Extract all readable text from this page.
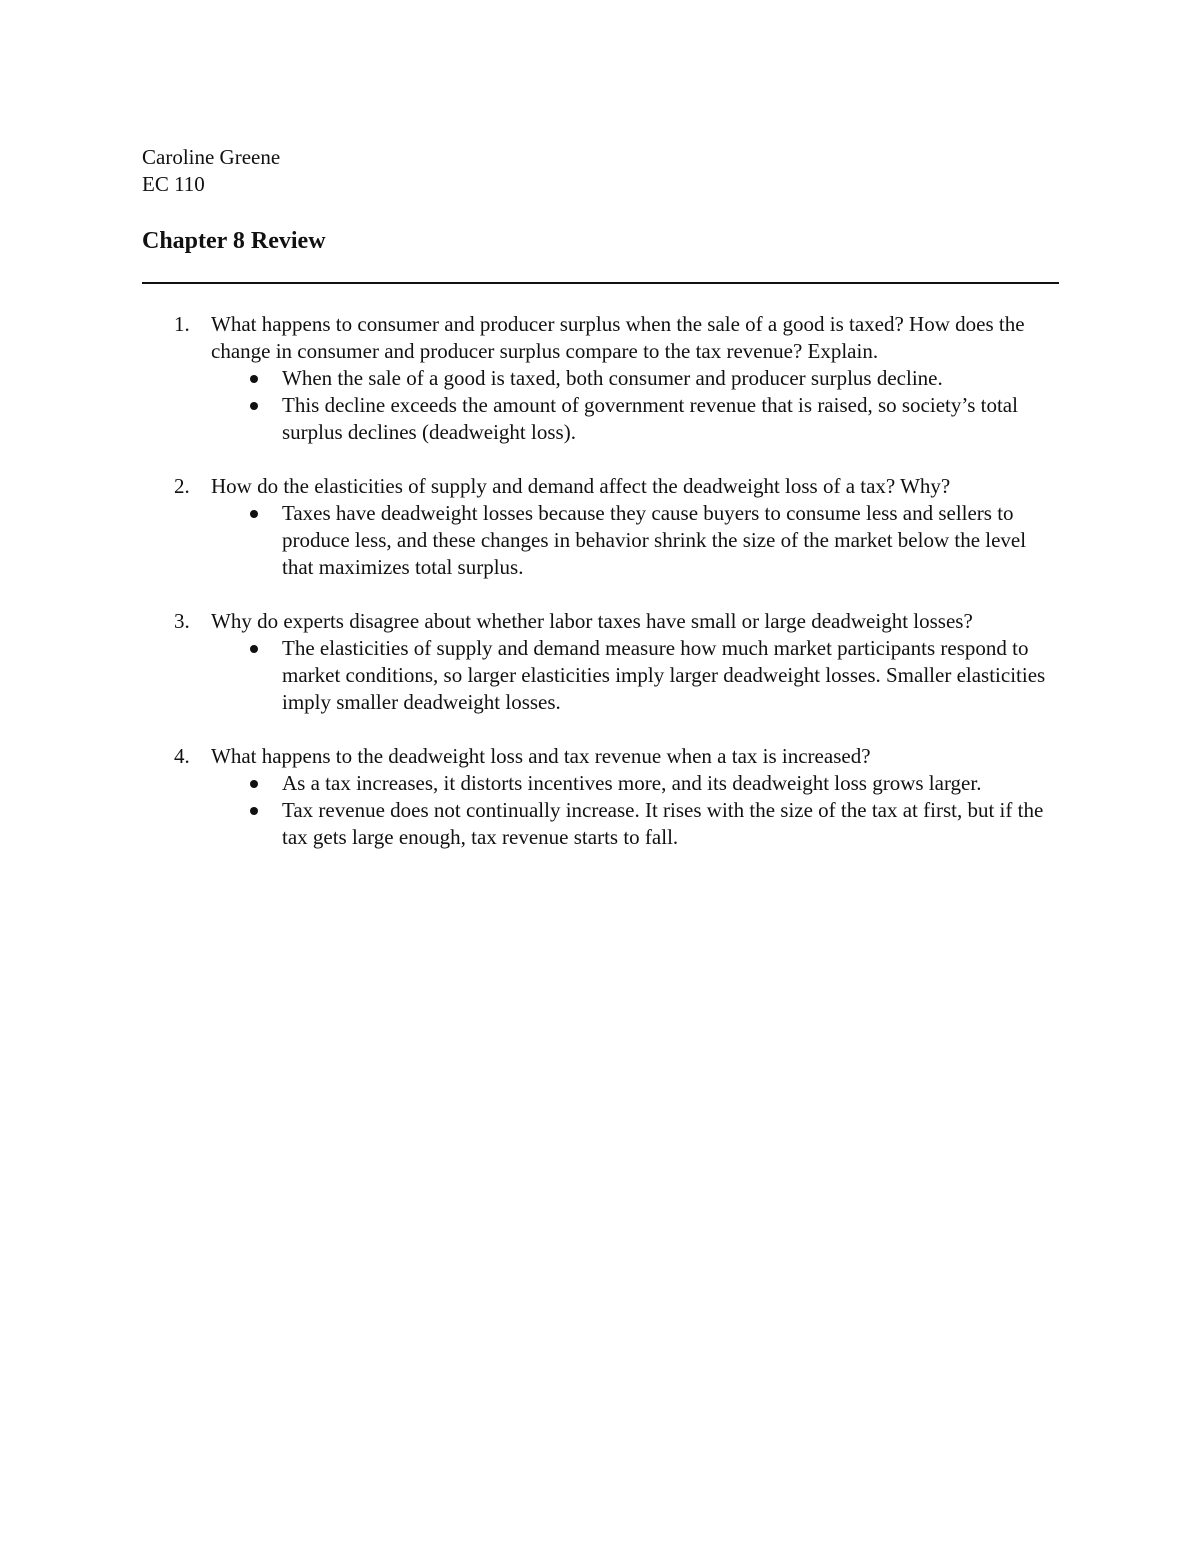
Caroline Greene
EC 110
Chapter 8 Review
1. What happens to consumer and producer surplus when the sale of a good is taxed? How does the change in consumer and producer surplus compare to the tax revenue? Explain.
When the sale of a good is taxed, both consumer and producer surplus decline.
This decline exceeds the amount of government revenue that is raised, so society’s total surplus declines (deadweight loss).
2. How do the elasticities of supply and demand affect the deadweight loss of a tax? Why?
Taxes have deadweight losses because they cause buyers to consume less and sellers to produce less, and these changes in behavior shrink the size of the market below the level that maximizes total surplus.
3. Why do experts disagree about whether labor taxes have small or large deadweight losses?
The elasticities of supply and demand measure how much market participants respond to market conditions, so larger elasticities imply larger deadweight losses. Smaller elasticities imply smaller deadweight losses.
4. What happens to the deadweight loss and tax revenue when a tax is increased?
As a tax increases, it distorts incentives more, and its deadweight loss grows larger.
Tax revenue does not continually increase. It rises with the size of the tax at first, but if the tax gets large enough, tax revenue starts to fall.
